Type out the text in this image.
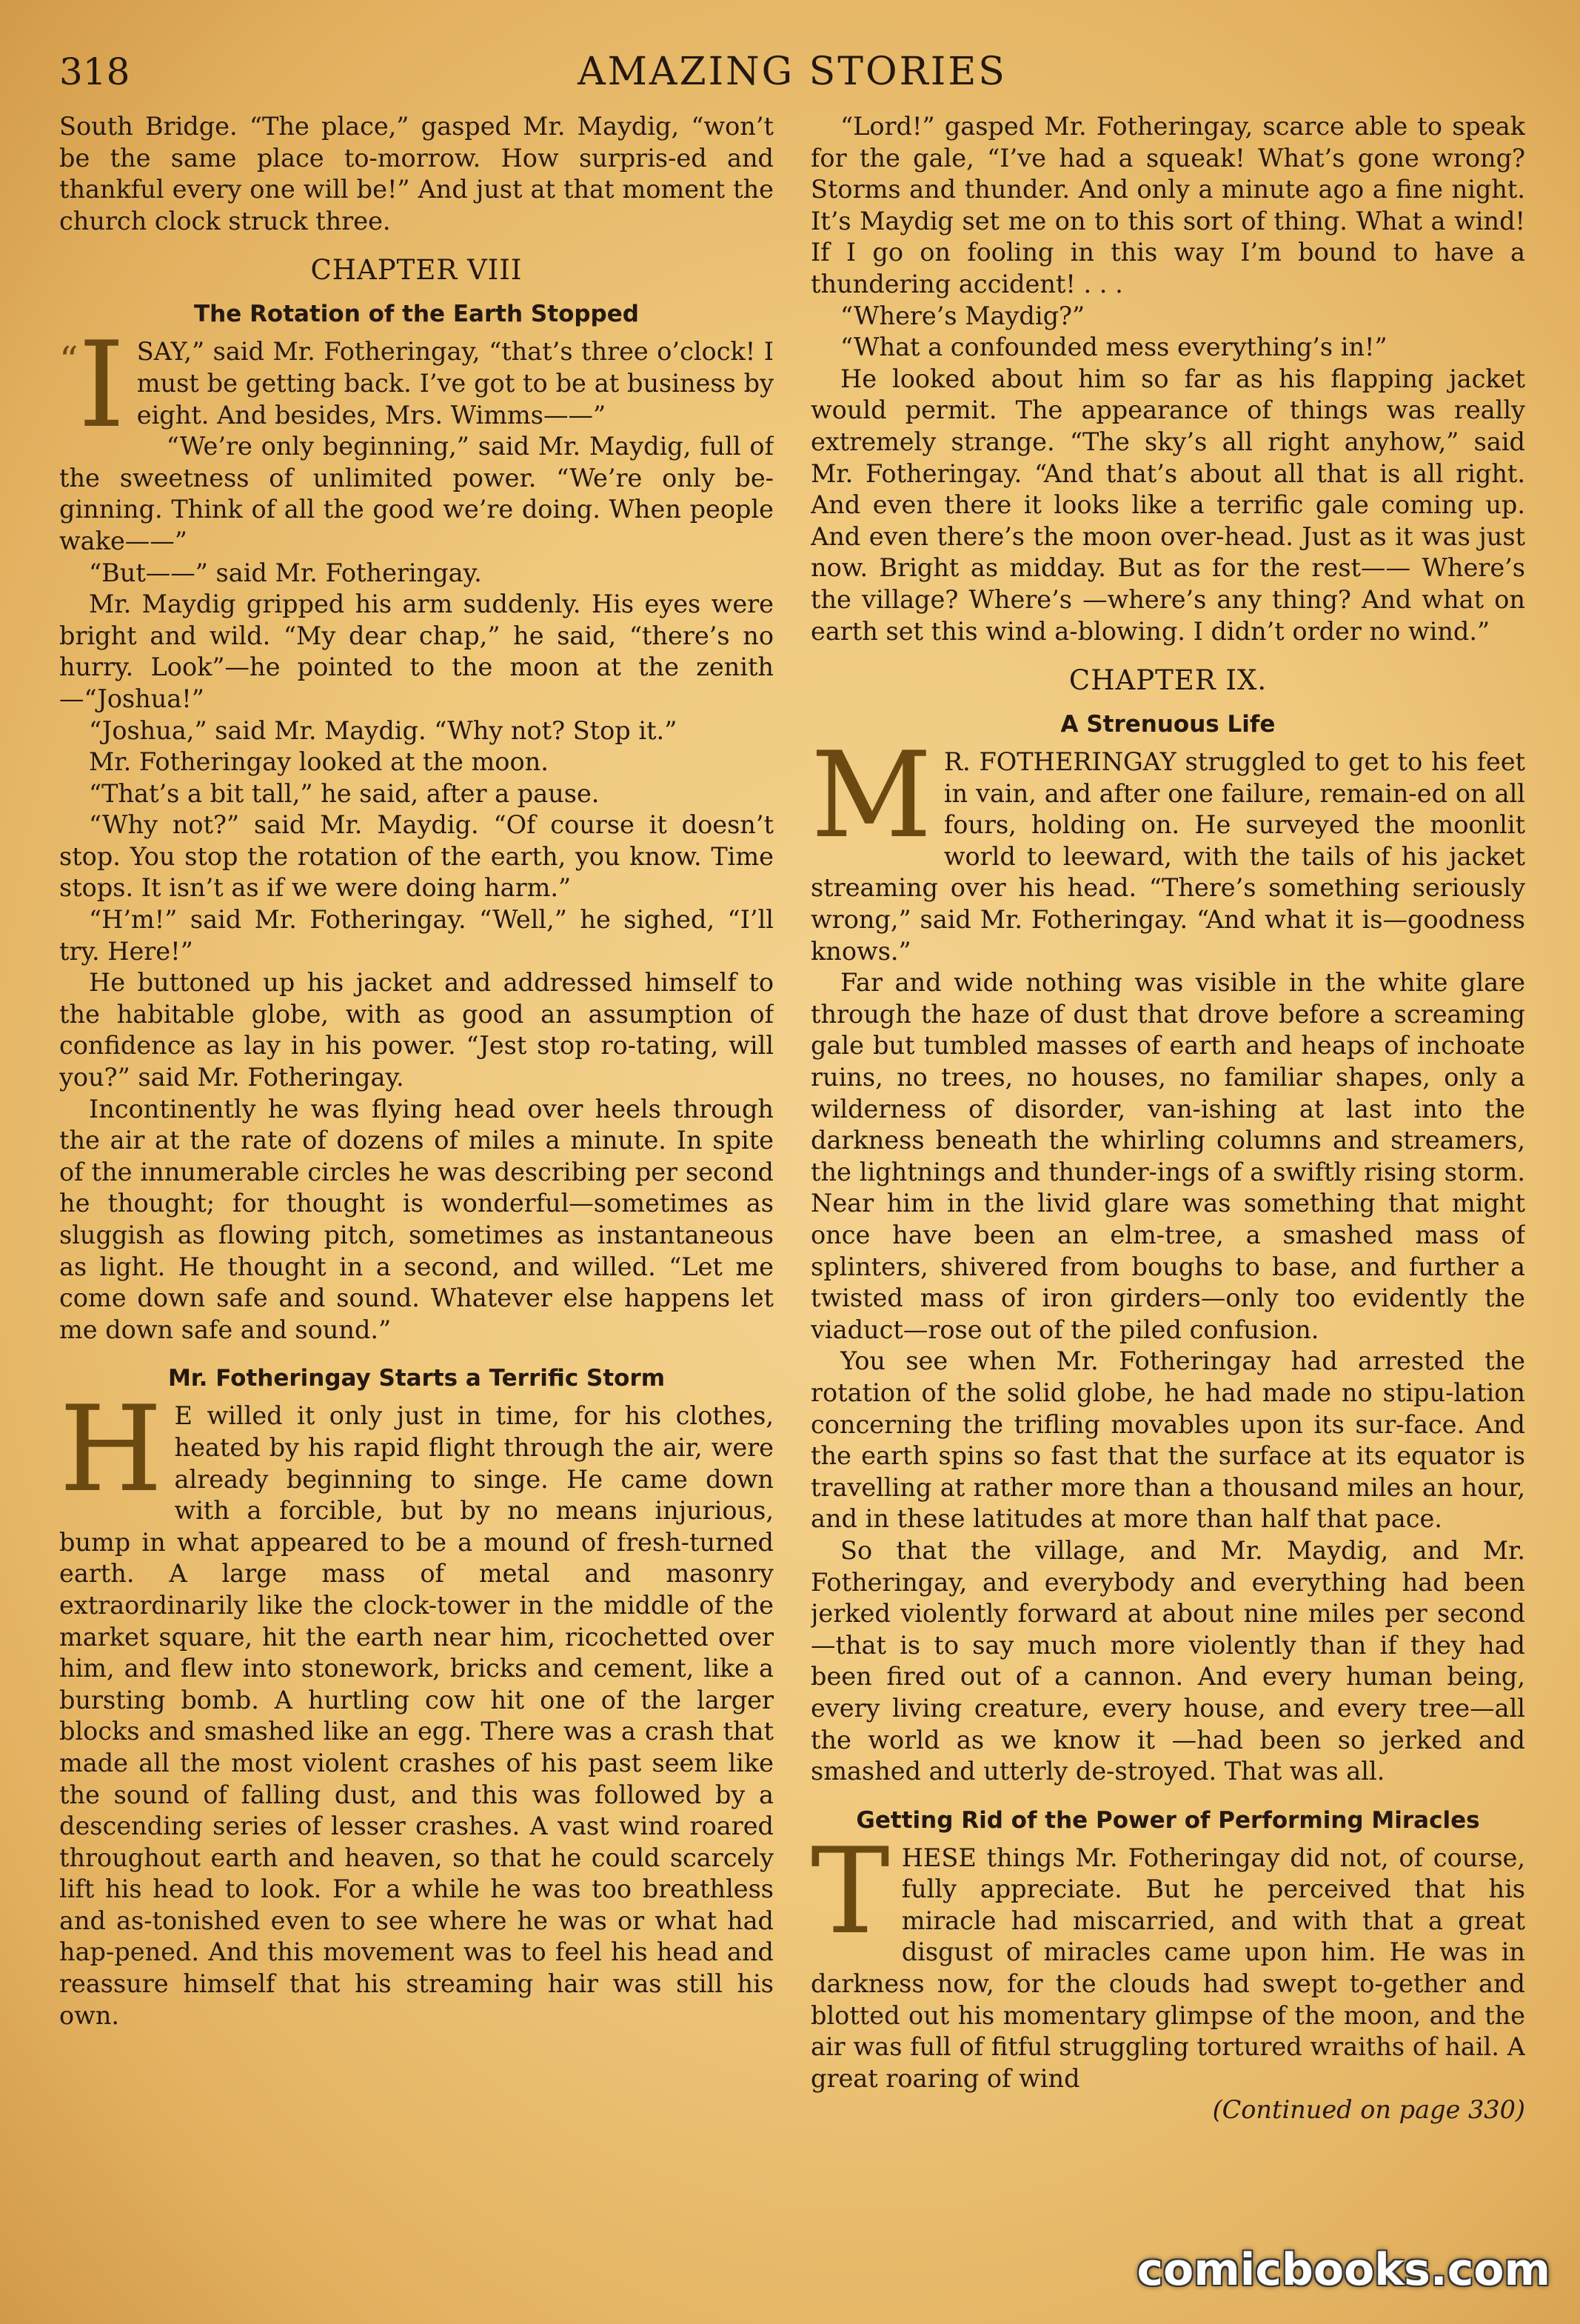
318	AMAZING STORIES

South Bridge. “The place,” gasped Mr. Maydig, “won’t be the same place to-morrow. How surpris-ed and thankful every one will be!” And just at that moment the church clock struck three.

CHAPTER VIII
The Rotation of the Earth Stopped

“I SAY,” said Mr. Fotheringay, “that’s three o’clock! I must be getting back. I’ve got to be at business by eight. And besides, Mrs. Wimms——”

“We’re only beginning,” said Mr. Maydig, full of the sweetness of unlimited power. “We’re only be-ginning. Think of all the good we’re doing. When people wake——”

“But——” said Mr. Fotheringay.

Mr. Maydig gripped his arm suddenly. His eyes were bright and wild. “My dear chap,” he said, “there’s no hurry. Look”—he pointed to the moon at the zenith—“Joshua!”

“Joshua,” said Mr. Maydig. “Why not? Stop it.”

Mr. Fotheringay looked at the moon.

“That’s a bit tall,” he said, after a pause.

“Why not?” said Mr. Maydig. “Of course it doesn’t stop. You stop the rotation of the earth, you know. Time stops. It isn’t as if we were doing harm.”

“H’m!” said Mr. Fotheringay. “Well,” he sighed, “I’ll try. Here!”

He buttoned up his jacket and addressed himself to the habitable globe, with as good an assumption of confidence as lay in his power. “Jest stop ro-tating, will you?” said Mr. Fotheringay.

Incontinently he was flying head over heels through the air at the rate of dozens of miles a minute. In spite of the innumerable circles he was describing per second he thought; for thought is wonderful—sometimes as sluggish as flowing pitch, sometimes as instantaneous as light. He thought in a second, and willed. “Let me come down safe and sound. Whatever else happens let me down safe and sound.”

Mr. Fotheringay Starts a Terrific Storm

H E willed it only just in time, for his clothes, heated by his rapid flight through the air, were already beginning to singe. He came down with a forcible, but by no means injurious, bump in what appeared to be a mound of fresh-turned earth. A large mass of metal and masonry extraordinarily like the clock-tower in the middle of the market square, hit the earth near him, ricochetted over him, and flew into stonework, bricks and cement, like a bursting bomb. A hurtling cow hit one of the larger blocks and smashed like an egg. There was a crash that made all the most violent crashes of his past seem like the sound of falling dust, and this was followed by a descending series of lesser crashes. A vast wind roared throughout earth and heaven, so that he could scarcely lift his head to look. For a while he was too breathless and as-tonished even to see where he was or what had hap-pened. And this movement was to feel his head and reassure himself that his streaming hair was still his own.

“Lord!” gasped Mr. Fotheringay, scarce able to speak for the gale, “I’ve had a squeak! What’s gone wrong? Storms and thunder. And only a minute ago a fine night. It’s Maydig set me on to this sort of thing. What a wind! If I go on fooling in this way I’m bound to have a thundering accident! . . .

“Where’s Maydig?”

“What a confounded mess everything’s in!”

He looked about him so far as his flapping jacket would permit. The appearance of things was really extremely strange. “The sky’s all right anyhow,” said Mr. Fotheringay. “And that’s about all that is all right. And even there it looks like a terrific gale coming up. And even there’s the moon over-head. Just as it was just now. Bright as midday. But as for the rest—— Where’s the village? Where’s —where’s any thing? And what on earth set this wind a-blowing. I didn’t order no wind.”

CHAPTER IX.
A Strenuous Life

M R. FOTHERINGAY struggled to get to his feet in vain, and after one failure, remain-ed on all fours, holding on. He surveyed the moonlit world to leeward, with the tails of his jacket streaming over his head. “There’s something seriously wrong,” said Mr. Fotheringay. “And what it is—goodness knows.”

Far and wide nothing was visible in the white glare through the haze of dust that drove before a screaming gale but tumbled masses of earth and heaps of inchoate ruins, no trees, no houses, no familiar shapes, only a wilderness of disorder, van-ishing at last into the darkness beneath the whirling columns and streamers, the lightnings and thunder-ings of a swiftly rising storm. Near him in the livid glare was something that might once have been an elm-tree, a smashed mass of splinters, shivered from boughs to base, and further a twisted mass of iron girders—only too evidently the viaduct—rose out of the piled confusion.

You see when Mr. Fotheringay had arrested the rotation of the solid globe, he had made no stipu-lation concerning the trifling movables upon its sur-face. And the earth spins so fast that the surface at its equator is travelling at rather more than a thousand miles an hour, and in these latitudes at more than half that pace.

So that the village, and Mr. Maydig, and Mr. Fotheringay, and everybody and everything had been jerked violently forward at about nine miles per second—that is to say much more violently than if they had been fired out of a cannon. And every human being, every living creature, every house, and every tree—all the world as we know it —had been so jerked and smashed and utterly de-stroyed. That was all.

Getting Rid of the Power of Performing Miracles

THESE things Mr. Fotheringay did not, of course, fully appreciate. But he perceived that his miracle had miscarried, and with that a great disgust of miracles came upon him. He was in darkness now, for the clouds had swept to-gether and blotted out his momentary glimpse of the moon, and the air was full of fitful struggling tortured wraiths of hail. A great roaring of wind

(Continued on page 330)

comicbooks.com
